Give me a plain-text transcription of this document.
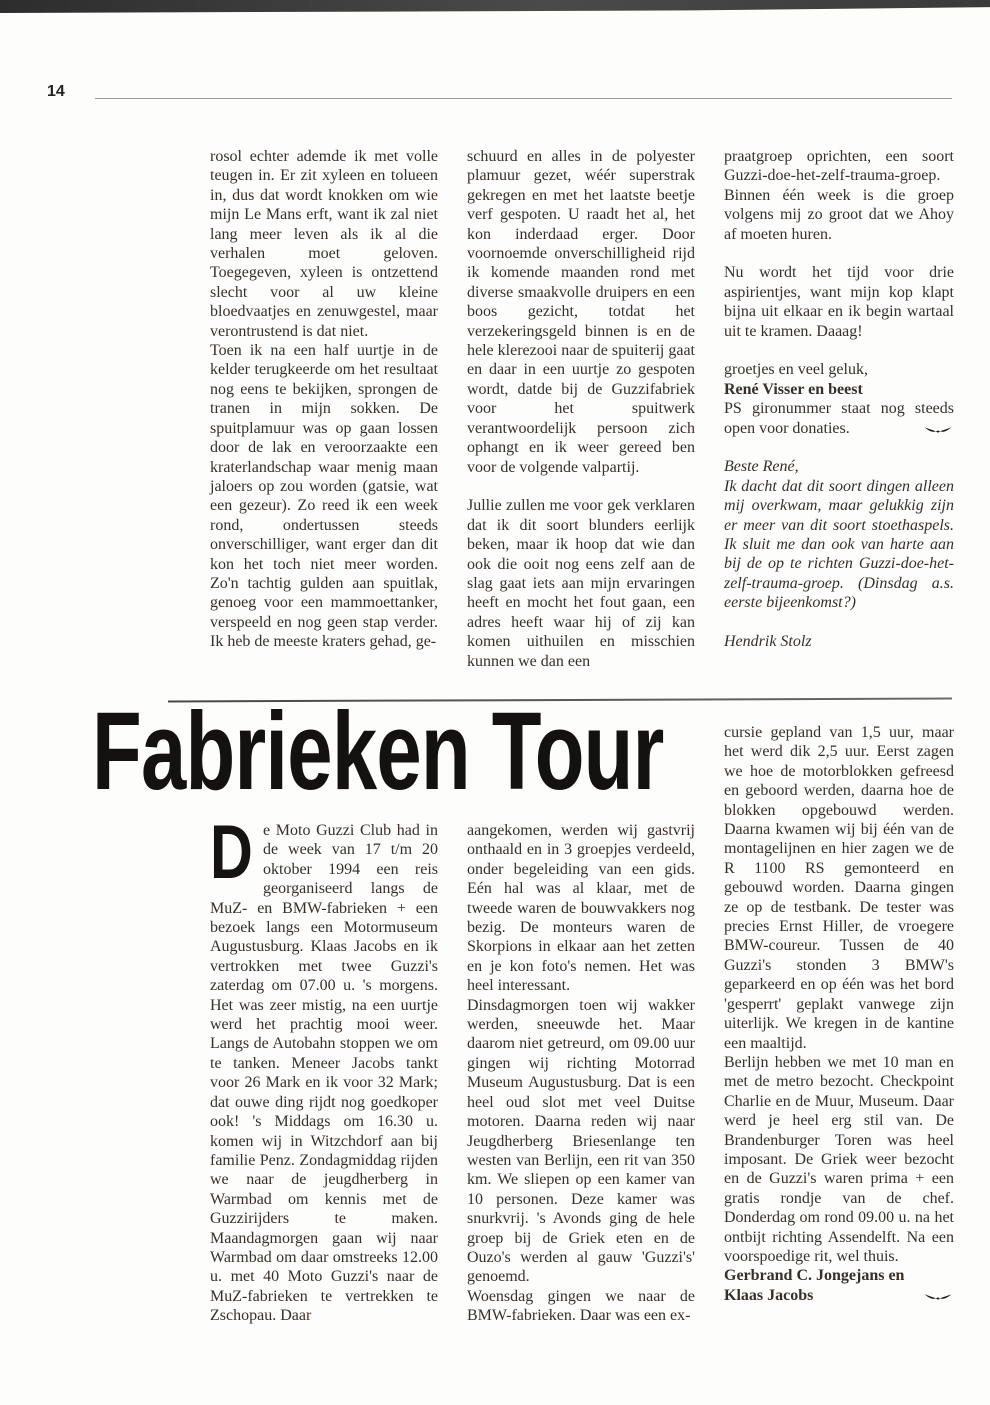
14

rosol echter ademde ik met volle teugen in. Er zit xyleen en tolueen in, dus dat wordt knokken om wie mijn Le Mans erft, want ik zal niet lang meer leven als ik al die verhalen moet geloven. Toegegeven, xyleen is ontzettend slecht voor al uw kleine bloedvaatjes en zenuwgestel, maar verontrustend is dat niet.

Toen ik na een half uurtje in de kelder terugkeerde om het resultaat nog eens te bekijken, sprongen de tranen in mijn sokken. De spuitplamuur was op gaan lossen door de lak en veroorzaakte een kraterlandschap waar menig maan jaloers op zou worden (gatsie, wat een gezeur). Zo reed ik een week rond, ondertussen steeds onverschilliger, want erger dan dit kon het toch niet meer worden. Zo'n tachtig gulden aan spuitlak, genoeg voor een mammoettanker, verspeeld en nog geen stap verder. Ik heb de meeste kraters gehad, ge-

schuurd en alles in de polyester plamuur gezet, wéér superstrak gekregen en met het laatste beetje verf gespoten. U raadt het al, het kon inderdaad erger. Door voornoemde onverschilligheid rijd ik komende maanden rond met diverse smaakvolle druipers en een boos gezicht, totdat het verzekeringsgeld binnen is en de hele klerezooi naar de spuiterij gaat en daar in een uurtje zo gespoten wordt, datde bij de Guzzifabriek voor het spuitwerk verantwoordelijk persoon zich ophangt en ik weer gereed ben voor de volgende valpartij.

Jullie zullen me voor gek verklaren dat ik dit soort blunders eerlijk beken, maar ik hoop dat wie dan ook die ooit nog eens zelf aan de slag gaat iets aan mijn ervaringen heeft en mocht het fout gaan, een adres heeft waar hij of zij kan komen uithuilen en misschien kunnen we dan een

praatgroep oprichten, een soort Guzzi-doe-het-zelf-trauma-groep. Binnen één week is die groep volgens mij zo groot dat we Ahoy af moeten huren.

Nu wordt het tijd voor drie aspirientjes, want mijn kop klapt bijna uit elkaar en ik begin wartaal uit te kramen. Daaag!

groetjes en veel geluk,

René Visser en beest

PS gironummer staat nog steeds open voor donaties.

Beste René,

Ik dacht dat dit soort dingen alleen mij overkwam, maar gelukkig zijn er meer van dit soort stoethaspels. Ik sluit me dan ook van harte aan bij de op te richten Guzzi-doe-het-zelf-trauma-groep. (Dinsdag a.s. eerste bijeenkomst?)

Hendrik Stolz

Fabrieken Tour

De Moto Guzzi Club had in de week van 17 t/m 20 oktober 1994 een reis georganiseerd langs de MuZ- en BMW-fabrieken + een bezoek langs een Motormuseum Augustusburg. Klaas Jacobs en ik vertrokken met twee Guzzi's zaterdag om 07.00 u. 's morgens. Het was zeer mistig, na een uurtje werd het prachtig mooi weer. Langs de Autobahn stoppen we om te tanken. Meneer Jacobs tankt voor 26 Mark en ik voor 32 Mark; dat ouwe ding rijdt nog goedkoper ook! 's Middags om 16.30 u. komen wij in Witzchdorf aan bij familie Penz. Zondagmiddag rijden we naar de jeugdherberg in Warmbad om kennis met de Guzzirijders te maken. Maandagmorgen gaan wij naar Warmbad om daar omstreeks 12.00 u. met 40 Moto Guzzi's naar de MuZ-fabrieken te vertrekken te Zschopau. Daar

aangekomen, werden wij gastvrij onthaald en in 3 groepjes verdeeld, onder begeleiding van een gids. Eén hal was al klaar, met de tweede waren de bouwvakkers nog bezig. De monteurs waren de Skorpions in elkaar aan het zetten en je kon foto's nemen. Het was heel interessant.

Dinsdagmorgen toen wij wakker werden, sneeuwde het. Maar daarom niet getreurd, om 09.00 uur gingen wij richting Motorrad Museum Augustusburg. Dat is een heel oud slot met veel Duitse motoren. Daarna reden wij naar Jeugdherberg Briesenlange ten westen van Berlijn, een rit van 350 km. We sliepen op een kamer van 10 personen. Deze kamer was snurkvrij. 's Avonds ging de hele groep bij de Griek eten en de Ouzo's werden al gauw 'Guzzi's' genoemd.

Woensdag gingen we naar de BMW-fabrieken. Daar was een ex-

cursie gepland van 1,5 uur, maar het werd dik 2,5 uur. Eerst zagen we hoe de motorblokken gefreesd en geboord werden, daarna hoe de blokken opgebouwd werden. Daarna kwamen wij bij één van de montagelijnen en hier zagen we de R 1100 RS gemonteerd en gebouwd worden. Daarna gingen ze op de testbank. De tester was precies Ernst Hiller, de vroegere BMW-coureur. Tussen de 40 Guzzi's stonden 3 BMW's geparkeerd en op één was het bord 'gesperrt' geplakt vanwege zijn uiterlijk. We kregen in de kantine een maaltijd.

Berlijn hebben we met 10 man en met de metro bezocht. Checkpoint Charlie en de Muur, Museum. Daar werd je heel erg stil van. De Brandenburger Toren was heel imposant. De Griek weer bezocht en de Guzzi's waren prima + een gratis rondje van de chef. Donderdag om rond 09.00 u. na het ontbijt richting Assendelft. Na een voorspoedige rit, wel thuis.

Gerbrand C. Jongejans en

Klaas Jacobs
